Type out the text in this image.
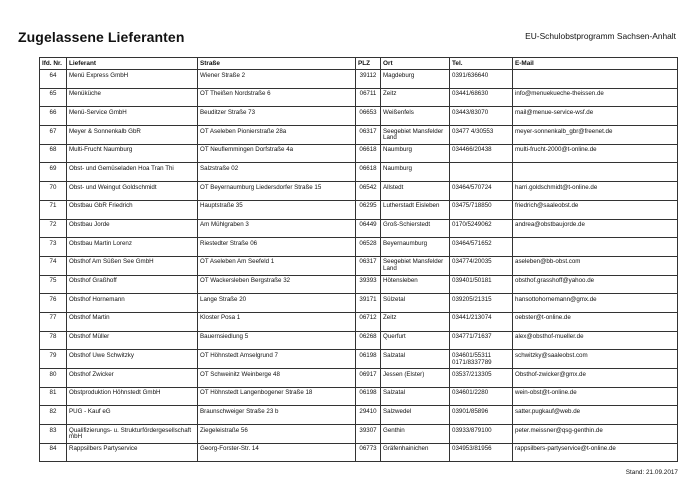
Zugelassene Lieferanten	EU-Schulobstprogramm Sachsen-Anhalt
lfd. Nr.	Lieferant	Straße	PLZ	Ort	Tel.	E-Mail
64	Menü Express GmbH	Wiener Straße 2	39112	Magdeburg	0391/636640	
65	Menüküche	OT Theißen Nordstraße 6	06711	Zeitz	03441/68630	info@menuekueche-theissen.de
66	Menü-Service GmbH	Beuditzer Straße 73	06653	Weißenfels	03443/83070	mail@menue-service-wsf.de
67	Meyer & Sonnenkalb GbR	OT Aseleben Pionierstraße 28a	06317	Seegebiet Mansfelder Land	03477 4/30553	meyer-sonnenkalb_gbr@freenet.de
68	Multi-Frucht Naumburg	OT Neuflemmingen Dorfstraße 4a	06618	Naumburg	034466/20438	multi-frucht-2000@t-online.de
69	Obst- und Gemüseladen Hoa Tran Thi	Salzstraße 02	06618	Naumburg		
70	Obst- und Weingut Goldschmidt	OT Beyernaumburg Liedersdorfer Straße 15	06542	Allstedt	03464/570724	harri.goldschmidt@t-online.de
71	Obstbau GbR Friedrich	Hauptstraße 35	06295	Lutherstadt Eisleben	03475/718850	friedrich@saaleobst.de
72	Obstbau Jorde	Am Mühlgraben 3	06449	Groß-Schierstedt	0170/5249062	andrea@obstbaujorde.de
73	Obstbau Martin Lorenz	Riestedter Straße 06	06528	Beyernaumburg	03464/571652	
74	Obsthof Am Süßen See GmbH	OT Aseleben Am Seefeld 1	06317	Seegebiet Mansfelder Land	034774/20035	aseleben@bb-obst.com
75	Obsthof Graßhoff	OT Wackersleben Bergstraße 32	39393	Hötensleben	039401/50181	obsthof.grasshoff@yahoo.de
76	Obsthof Hornemann	Lange Straße 20	39171	Sülzetal	039205/21315	hansottohornemann@gmx.de
77	Obsthof Martin	Kloster Posa 1	06712	Zeitz	03441/213074	oebster@t-online.de
78	Obsthof Müller	Bauernsiedlung 5	06268	Querfurt	034771/71637	alex@obsthof-mueller.de
79	Obsthof Uwe Schwitzky	OT Höhnstedt Amselgrund 7	06198	Salzatal	034601/55311 0171/8337789	schwitzky@saaleobst.com
80	Obsthof Zwicker	OT Schweinitz Weinberge 48	06917	Jessen (Elster)	03537/213305	Obsthof-zwicker@gmx.de
81	Obstproduktion Höhnstedt GmbH	OT Höhnstedt Langenbogener Straße 18	06198	Salzatal	034601/2280	wein-obst@t-online.de
82	PUG - Kauf eG	Braunschweiger Straße 23 b	29410	Salzwedel	03901/85896	satter.pugkauf@web.de
83	Qualifizierungs- u. Strukturfördergesellschaft mbH	Ziegeleistraße 56	39307	Genthin	03933/879100	peter.meissner@qsg-genthin.de
84	Rappsilbers Partyservice	Georg-Forster-Str. 14	06773	Gräfenhainichen	034953/81956	rappsilbers-partyservice@t-online.de
Stand: 21.09.2017
